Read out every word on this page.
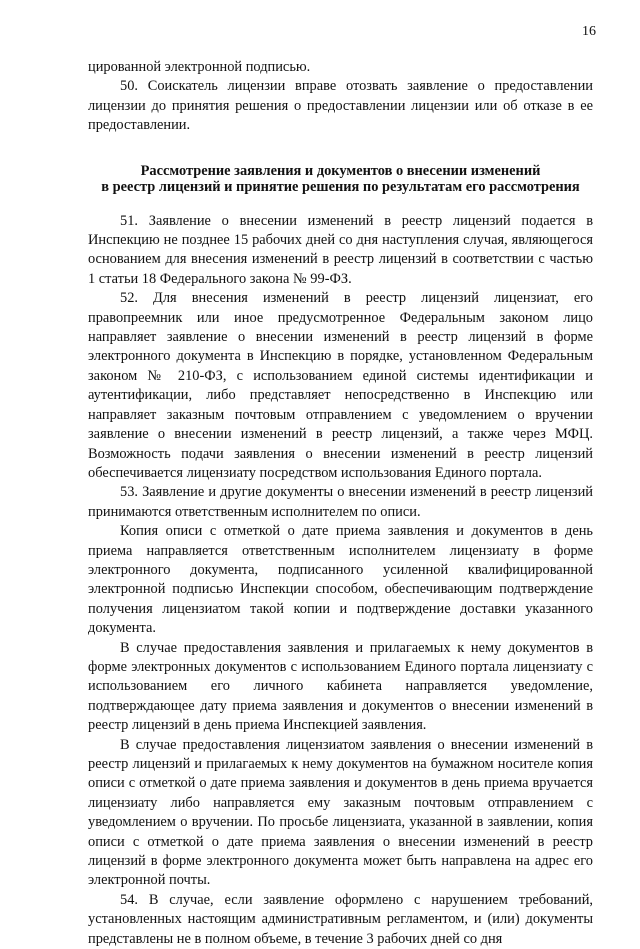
16

цированной электронной подписью.

50. Соискатель лицензии вправе отозвать заявление о предоставлении лицензии до принятия решения о предоставлении лицензии или об отказе в ее предоставлении.

Рассмотрение заявления и документов о внесении изменений
в реестр лицензий и принятие решения по результатам его рассмотрения

51. Заявление о внесении изменений в реестр лицензий подается в Инспекцию не позднее 15 рабочих дней со дня наступления случая, являющегося основанием для внесения изменений в реестр лицензий в соответствии с частью 1 статьи 18 Федерального закона № 99-ФЗ.

52. Для внесения изменений в реестр лицензий лицензиат, его правопреемник или иное предусмотренное Федеральным законом лицо направляет заявление о внесении изменений в реестр лицензий в форме электронного документа в Инспекцию в порядке, установленном Федеральным законом № 210-ФЗ, с использованием единой системы идентификации и аутентификации, либо представляет непосредственно в Инспекцию или направляет заказным почтовым отправлением с уведомлением о вручении заявление о внесении изменений в реестр лицензий, а также через МФЦ. Возможность подачи заявления о внесении изменений в реестр лицензий обеспечивается лицензиату посредством использования Единого портала.

53. Заявление и другие документы о внесении изменений в реестр лицензий принимаются ответственным исполнителем по описи.

Копия описи с отметкой о дате приема заявления и документов в день приема направляется ответственным исполнителем лицензиату в форме электронного документа, подписанного усиленной квалифицированной электронной подписью Инспекции способом, обеспечивающим подтверждение получения лицензиатом такой копии и подтверждение доставки указанного документа.

В случае предоставления заявления и прилагаемых к нему документов в форме электронных документов с использованием Единого портала лицензиату с использованием его личного кабинета направляется уведомление, подтверждающее дату приема заявления и документов о внесении изменений в реестр лицензий в день приема Инспекцией заявления.

В случае предоставления лицензиатом заявления о внесении изменений в реестр лицензий и прилагаемых к нему документов на бумажном носителе копия описи с отметкой о дате приема заявления и документов в день приема вручается лицензиату либо направляется ему заказным почтовым отправлением с уведомлением о вручении. По просьбе лицензиата, указанной в заявлении, копия описи с отметкой о дате приема заявления о внесении изменений в реестр лицензий в форме электронного документа может быть направлена на адрес его электронной почты.

54. В случае, если заявление оформлено с нарушением требований, установленных настоящим административным регламентом, и (или) документы представлены не в полном объеме, в течение 3 рабочих дней со дня
